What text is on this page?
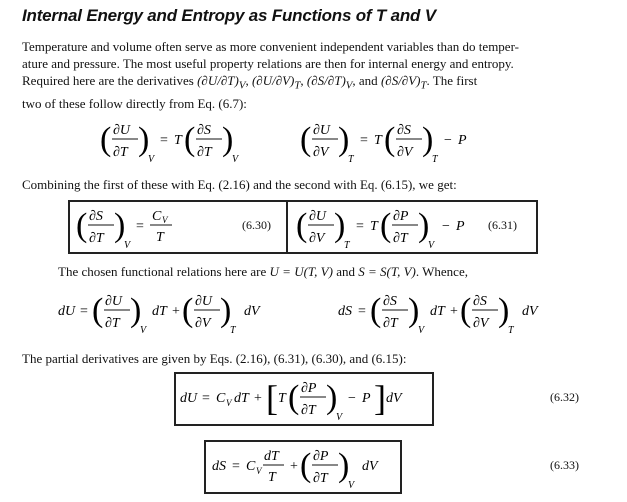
Internal Energy and Entropy as Functions of T and V
Temperature and volume often serve as more convenient independent variables than do temper-
ature and pressure. The most useful property relations are then for internal energy and entropy.
Required here are the derivatives $(\partial U/\partial T)_V$, $(\partial U/\partial V)_T$, $(\partial S/\partial T)_V$, and $(\partial S/\partial V)_T$. The first
two of these follow directly from Eq. (6.7):
( ∂U
∂T )
V
= T ( ∂S
∂T )
V
( ∂U
∂V )
T
= T ( ∂S
∂V )
T
− P
Combining the first of these with Eq. (2.16) and the second with Eq. (6.15), we get:
( ∂S
∂T )
V
=
C V
T
(6.30) ( ∂U
∂V )
T
= T ( ∂P
∂T )
V
− P (6.31)
The chosen functional relations here are U = U(T, V) and S = S(T, V). Whence,
dU = ( ∂U
∂T )
V
dT + ( ∂U
∂V )
T
dV	dS = ( ∂S
∂T )
V
dT + ( ∂S
∂V )
T
dV
The partial derivatives are given by Eqs. (2.16), (6.31), (6.30), and (6.15):
dU = C V dT + [ T ( ∂P
∂T )
V
− P ] dV	(6.32)
dS = C V
dT
T
+ ( ∂P
∂T )
V
dV	(6.33)
